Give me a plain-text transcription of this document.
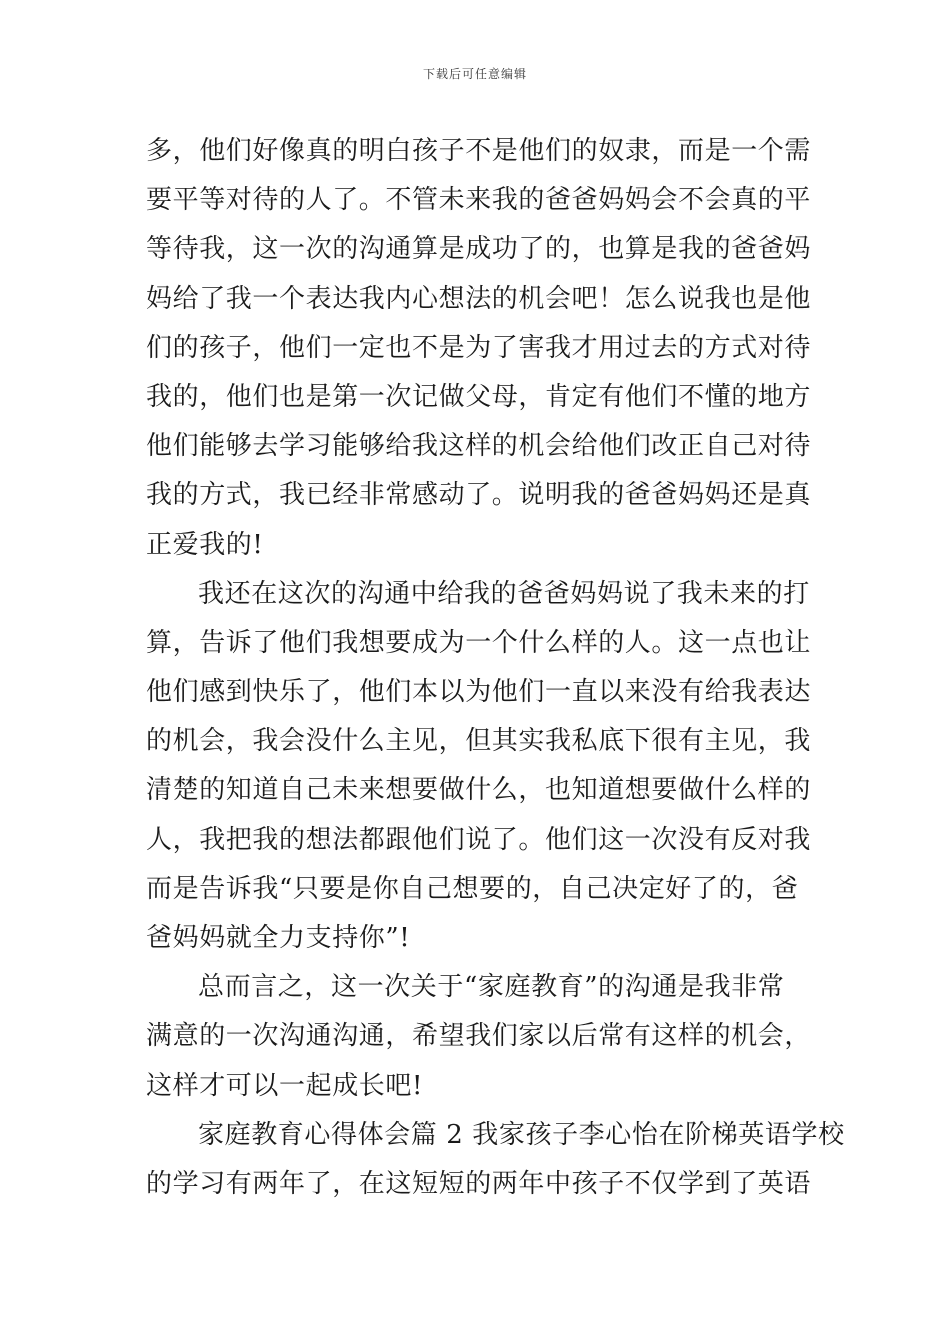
下载后可任意编辑
多，他们好像真的明白孩子不是他们的奴隶，而是一个需
要平等对待的人了。不管未来我的爸爸妈妈会不会真的平
等待我，这一次的沟通算是成功了的，也算是我的爸爸妈
妈给了我一个表达我内心想法的机会吧！怎么说我也是他
们的孩子，他们一定也不是为了害我才用过去的方式对待
我的，他们也是第一次记做父母，肯定有他们不懂的地方
他们能够去学习能够给我这样的机会给他们改正自己对待
我的方式，我已经非常感动了。说明我的爸爸妈妈还是真
正爱我的!
我还在这次的沟通中给我的爸爸妈妈说了我未来的打
算，告诉了他们我想要成为一个什么样的人。这一点也让
他们感到快乐了，他们本以为他们一直以来没有给我表达
的机会，我会没什么主见，但其实我私底下很有主见，我
清楚的知道自己未来想要做什么，也知道想要做什么样的
人，我把我的想法都跟他们说了。他们这一次没有反对我
而是告诉我“只要是你自己想要的，自己决定好了的，爸
爸妈妈就全力支持你”!
总而言之，这一次关于“家庭教育”的沟通是我非常
满意的一次沟通沟通，希望我们家以后常有这样的机会，
这样才可以一起成长吧!
家庭教育心得体会篇 2 我家孩子李心怡在阶梯英语学校
的学习有两年了，在这短短的两年中孩子不仅学到了英语
